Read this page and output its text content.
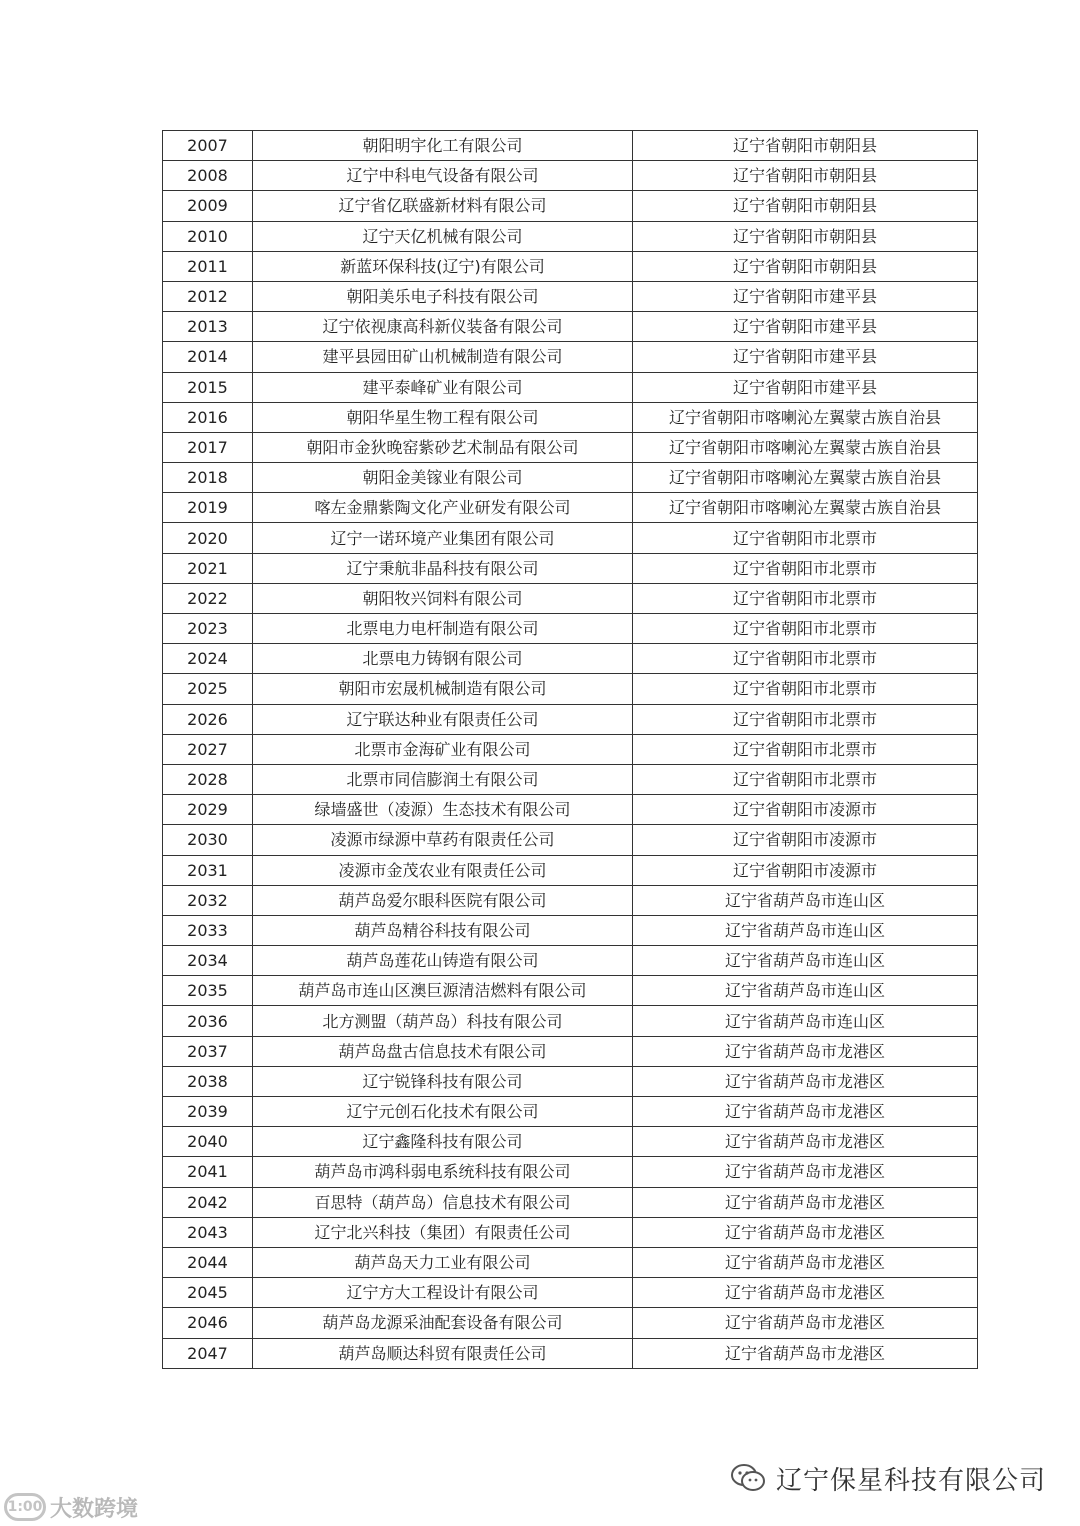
2007	朝阳明宇化工有限公司	辽宁省朝阳市朝阳县
2008	辽宁中科电气设备有限公司	辽宁省朝阳市朝阳县
2009	辽宁省亿联盛新材料有限公司	辽宁省朝阳市朝阳县
2010	辽宁天亿机械有限公司	辽宁省朝阳市朝阳县
2011	新蓝环保科技(辽宁)有限公司	辽宁省朝阳市朝阳县
2012	朝阳美乐电子科技有限公司	辽宁省朝阳市建平县
2013	辽宁依视康高科新仪装备有限公司	辽宁省朝阳市建平县
2014	建平县园田矿山机械制造有限公司	辽宁省朝阳市建平县
2015	建平泰峰矿业有限公司	辽宁省朝阳市建平县
2016	朝阳华星生物工程有限公司	辽宁省朝阳市喀喇沁左翼蒙古族自治县
2017	朝阳市金狄晚窑紫砂艺术制品有限公司	辽宁省朝阳市喀喇沁左翼蒙古族自治县
2018	朝阳金美镓业有限公司	辽宁省朝阳市喀喇沁左翼蒙古族自治县
2019	喀左金鼎紫陶文化产业研发有限公司	辽宁省朝阳市喀喇沁左翼蒙古族自治县
2020	辽宁一诺环境产业集团有限公司	辽宁省朝阳市北票市
2021	辽宁秉航非晶科技有限公司	辽宁省朝阳市北票市
2022	朝阳牧兴饲料有限公司	辽宁省朝阳市北票市
2023	北票电力电杆制造有限公司	辽宁省朝阳市北票市
2024	北票电力铸钢有限公司	辽宁省朝阳市北票市
2025	朝阳市宏晟机械制造有限公司	辽宁省朝阳市北票市
2026	辽宁联达种业有限责任公司	辽宁省朝阳市北票市
2027	北票市金海矿业有限公司	辽宁省朝阳市北票市
2028	北票市同信膨润土有限公司	辽宁省朝阳市北票市
2029	绿墙盛世（凌源）生态技术有限公司	辽宁省朝阳市凌源市
2030	凌源市绿源中草药有限责任公司	辽宁省朝阳市凌源市
2031	凌源市金茂农业有限责任公司	辽宁省朝阳市凌源市
2032	葫芦岛爱尔眼科医院有限公司	辽宁省葫芦岛市连山区
2033	葫芦岛精谷科技有限公司	辽宁省葫芦岛市连山区
2034	葫芦岛莲花山铸造有限公司	辽宁省葫芦岛市连山区
2035	葫芦岛市连山区澳巨源清洁燃料有限公司	辽宁省葫芦岛市连山区
2036	北方测盟（葫芦岛）科技有限公司	辽宁省葫芦岛市连山区
2037	葫芦岛盘古信息技术有限公司	辽宁省葫芦岛市龙港区
2038	辽宁锐锋科技有限公司	辽宁省葫芦岛市龙港区
2039	辽宁元创石化技术有限公司	辽宁省葫芦岛市龙港区
2040	辽宁鑫隆科技有限公司	辽宁省葫芦岛市龙港区
2041	葫芦岛市鸿科弱电系统科技有限公司	辽宁省葫芦岛市龙港区
2042	百思特（葫芦岛）信息技术有限公司	辽宁省葫芦岛市龙港区
2043	辽宁北兴科技（集团）有限责任公司	辽宁省葫芦岛市龙港区
2044	葫芦岛天力工业有限公司	辽宁省葫芦岛市龙港区
2045	辽宁方大工程设计有限公司	辽宁省葫芦岛市龙港区
2046	葫芦岛龙源采油配套设备有限公司	辽宁省葫芦岛市龙港区
2047	葫芦岛顺达科贸有限责任公司	辽宁省葫芦岛市龙港区
1:00 大数跨境
辽宁保星科技有限公司
